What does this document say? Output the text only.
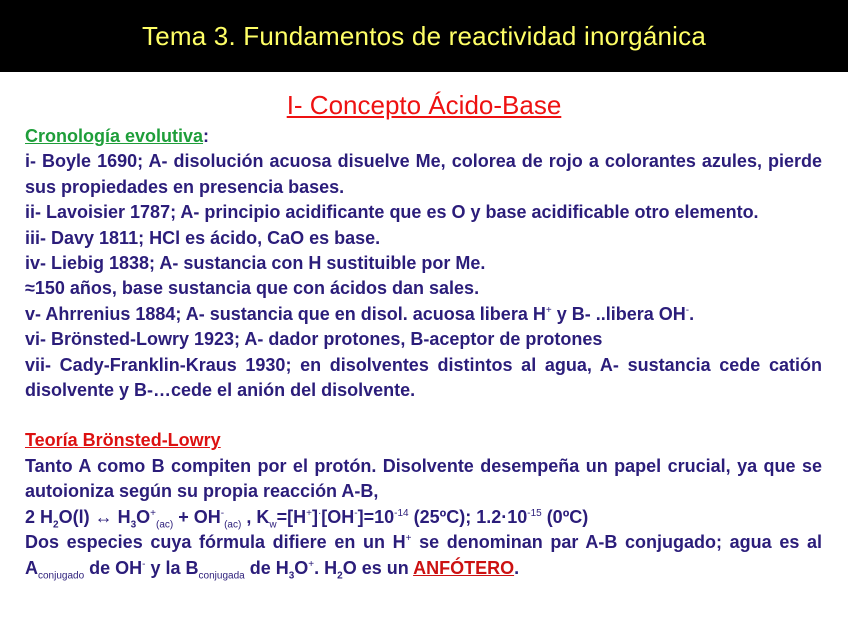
Tema 3. Fundamentos de reactividad inorgánica
I- Concepto Ácido-Base

Cronología evolutiva:

i- Boyle 1690; A- disolución acuosa disuelve Me, colorea de rojo a colorantes azules, pierde sus propiedades en presencia bases.

ii- Lavoisier 1787; A- principio acidificante que es O y base acidificable otro elemento.

iii- Davy 1811; HCl es ácido, CaO es base.

iv- Liebig 1838; A- sustancia con H sustituible por Me.

≈150 años, base sustancia que con ácidos dan sales.

v- Ahrrenius 1884; A- sustancia que en disol. acuosa libera H+ y B- ..libera OH-.

vi- Brönsted-Lowry 1923; A- dador protones, B-aceptor de protones

vii- Cady-Franklin-Kraus 1930; en disolventes distintos al agua, A- sustancia cede catión disolvente y B-…cede el anión del disolvente.

Teoría Brönsted-Lowry

Tanto A como B compiten por el protón. Disolvente desempeña un papel crucial, ya que se autoioniza según su propia reacción A-B,

2 $H_2O(l)$ ↔ $H_3O^+_{(ac)} + OH^-_{(ac)}$ , $K_w=[H^+]^\cdot[OH^-]=10^{-14}$ (25ºC); $1.2\cdot 10^{-15}$ (0ºC)

Dos especies cuya fórmula difiere en un H+ se denominan par A-B conjugado; agua es al $A_{conjugado}$ de OH- y la $B_{conjugada}$ de $H_3O^+$. $H_2O$ es un ANFÓTERO.
